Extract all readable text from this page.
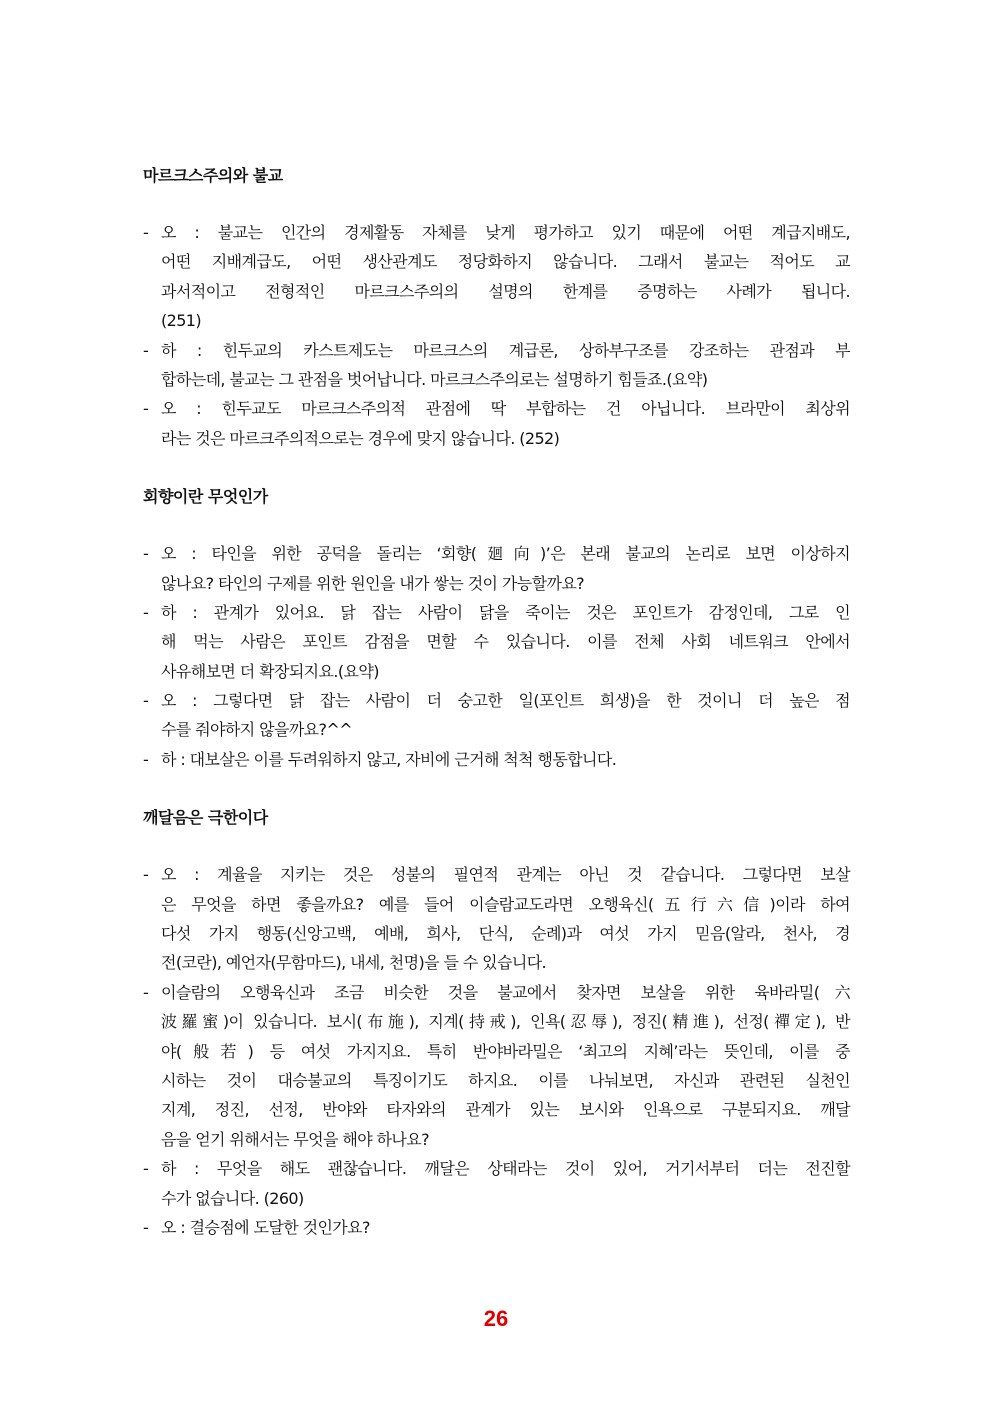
마르크스주의와 불교
- 오 : 불교는 인간의 경제활동 자체를 낮게 평가하고 있기 때문에 어떤 계급지배도,
어떤 지배계급도, 어떤 생산관계도 정당화하지 않습니다. 그래서 불교는 적어도 교
과서적이고 전형적인 마르크스주의의 설명의 한계를 증명하는 사례가 됩니다.
(251)
- 하 : 힌두교의 카스트제도는 마르크스의 계급론, 상하부구조를 강조하는 관점과 부
합하는데, 불교는 그 관점을 벗어납니다. 마르크스주의로는 설명하기 힘들죠.(요약)
- 오 : 힌두교도 마르크스주의적 관점에 딱 부합하는 건 아닙니다. 브라만이 최상위
라는 것은 마르크주의적으로는 경우에 맞지 않습니다. (252)
회향이란 무엇인가
- 오 : 타인을 위한 공덕을 돌리는 ‘회향(廻向)’은 본래 불교의 논리로 보면 이상하지
않나요? 타인의 구제를 위한 원인을 내가 쌓는 것이 가능할까요?
- 하 : 관계가 있어요. 닭 잡는 사람이 닭을 죽이는 것은 포인트가 감정인데, 그로 인
해 먹는 사람은 포인트 감점을 면할 수 있습니다. 이를 전체 사회 네트워크 안에서
사유해보면 더 확장되지요.(요약)
- 오 : 그렇다면 닭 잡는 사람이 더 숭고한 일(포인트 희생)을 한 것이니 더 높은 점
수를 줘야하지 않을까요?^^
- 하 : 대보살은 이를 두려워하지 않고, 자비에 근거해 척척 행동합니다.
깨달음은 극한이다
- 오 : 계율을 지키는 것은 성불의 필연적 관계는 아닌 것 같습니다. 그렇다면 보살
은 무엇을 하면 좋을까요? 예를 들어 이슬람교도라면 오행육신(五行六信)이라 하여
다섯 가지 행동(신앙고백, 예배, 희사, 단식, 순례)과 여섯 가지 믿음(알라, 천사, 경
전(코란), 예언자(무함마드), 내세, 천명)을 들 수 있습니다.
- 이슬람의 오행육신과 조금 비슷한 것을 불교에서 찾자면 보살을 위한 육바라밀(六
波羅蜜)이 있습니다. 보시(布施), 지계(持戒), 인욕(忍辱), 정진(精進), 선정(禪定), 반
야(般若) 등 여섯 가지지요. 특히 반야바라밀은 ‘최고의 지혜’라는 뜻인데, 이를 중
시하는 것이 대승불교의 특징이기도 하지요. 이를 나눠보면, 자신과 관련된 실천인
지계, 정진, 선정, 반야와 타자와의 관계가 있는 보시와 인욕으로 구분되지요. 깨달
음을 얻기 위해서는 무엇을 해야 하나요?
- 하 : 무엇을 해도 괜찮습니다. 깨달은 상태라는 것이 있어, 거기서부터 더는 전진할
수가 없습니다. (260)
- 오 : 결승점에 도달한 것인가요?
26
